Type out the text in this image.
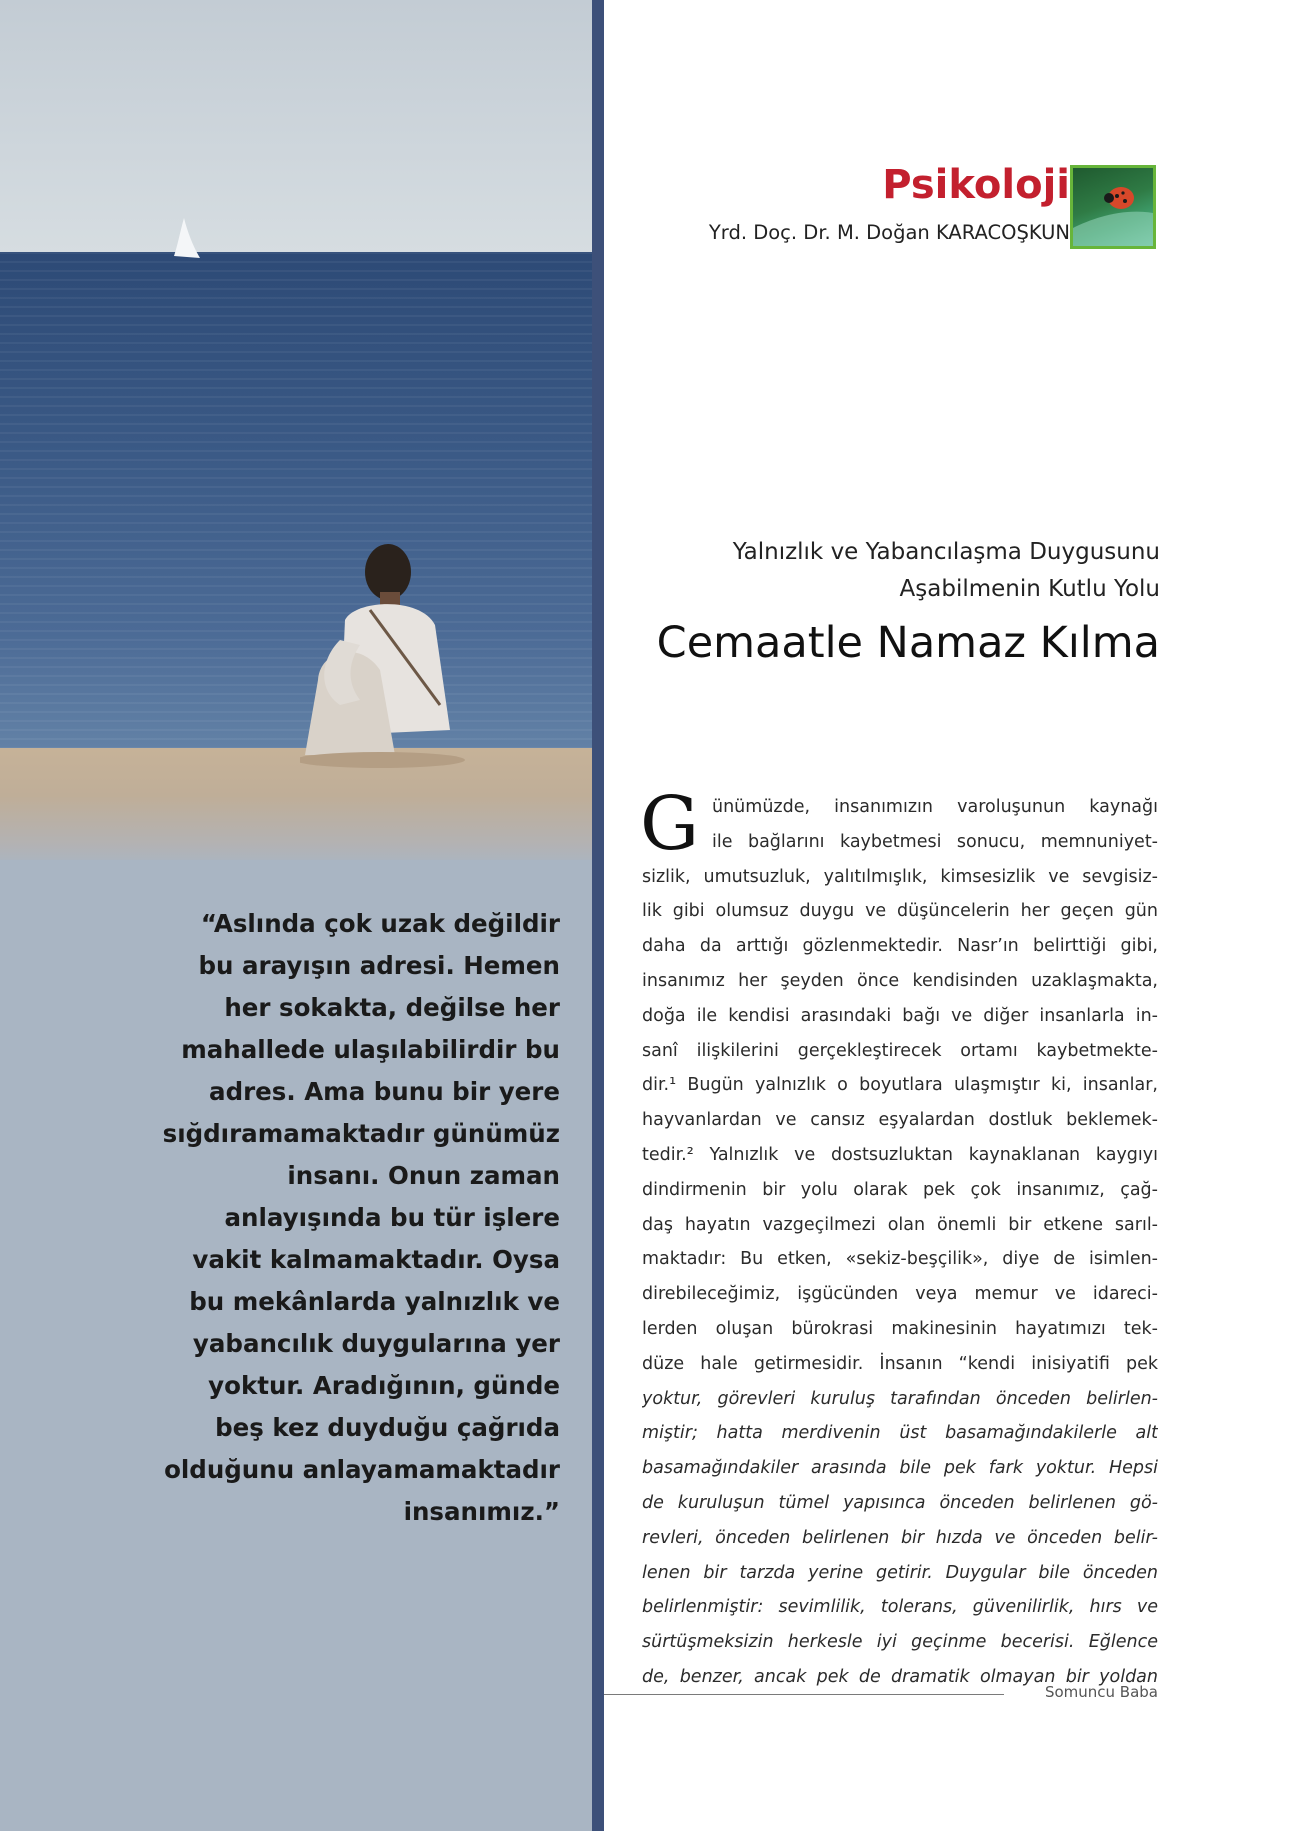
“Aslında çok uzak değildir
bu arayışın adresi. Hemen
her sokakta, değilse her
mahallede ulaşılabilirdir bu
adres. Ama bunu bir yere
sığdıramamaktadır günümüz
insanı. Onun zaman
anlayışında bu tür işlere
vakit kalmamaktadır. Oysa
bu mekânlarda yalnızlık ve
yabancılık duygularına yer
yoktur. Aradığının, günde
beş kez duyduğu çağrıda
olduğunu anlayamamaktadır
insanımız.”

Psikoloji

Yrd. Doç. Dr. M. Doğan KARACOŞKUN

Yalnızlık ve Yabancılaşma Duygusunu

Aşabilmenin Kutlu Yolu

Cemaatle Namaz Kılma
G ünümüzde, insanımızın varoluşunun kaynağı
ile bağlarını kaybetmesi sonucu, memnuniyet-
sizlik, umutsuzluk, yalıtılmışlık, kimsesizlik ve sevgisiz-
lik gibi olumsuz duygu ve düşüncelerin her geçen gün
daha da arttığı gözlenmektedir. Nasr’ın belirttiği gibi,
insanımız her şeyden önce kendisinden uzaklaşmakta,
doğa ile kendisi arasındaki bağı ve diğer insanlarla in-
sanî ilişkilerini gerçekleştirecek ortamı kaybetmekte-
dir.¹ Bugün yalnızlık o boyutlara ulaşmıştır ki, insanlar,
hayvanlardan ve cansız eşyalardan dostluk beklemek-
tedir.² Yalnızlık ve dostsuzluktan kaynaklanan kaygıyı
dindirmenin bir yolu olarak pek çok insanımız, çağ-
daş hayatın vazgeçilmezi olan önemli bir etkene sarıl-
maktadır: Bu etken, «sekiz-beşçilik», diye de isimlen-
direbileceğimiz, işgücünden veya memur ve idareci-
lerden oluşan bürokrasi makinesinin hayatımızı tek-
düze hale getirmesidir. İnsanın “kendi inisiyatifi pek
yoktur, görevleri kuruluş tarafından önceden belirlen-
miştir; hatta merdivenin üst basamağındakilerle alt
basamağındakiler arasında bile pek fark yoktur. Hepsi
de kuruluşun tümel yapısınca önceden belirlenen gö-
revleri, önceden belirlenen bir hızda ve önceden belir-
lenen bir tarzda yerine getirir. Duygular bile önceden
belirlenmiştir: sevimlilik, tolerans, güvenilirlik, hırs ve
sürtüşmeksizin herkesle iyi geçinme becerisi. Eğlence
de, benzer, ancak pek de dramatik olmayan bir yoldan

Somuncu Baba
